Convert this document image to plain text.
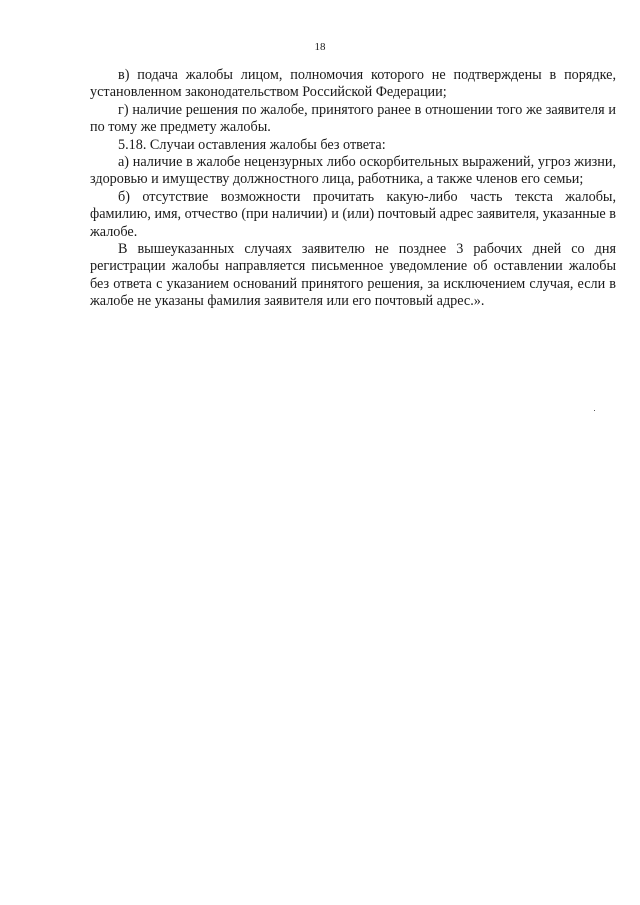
18

в) подача жалобы лицом, полномочия которого не подтверждены в порядке, установленном законодательством Российской Федерации;

г) наличие решения по жалобе, принятого ранее в отношении того же заявителя и по тому же предмету жалобы.

5.18. Случаи оставления жалобы без ответа:

а) наличие в жалобе нецензурных либо оскорбительных выражений, угроз жизни, здоровью и имуществу должностного лица, работника, а также членов его семьи;

б) отсутствие возможности прочитать какую-либо часть текста жалобы, фамилию, имя, отчество (при наличии) и (или) почтовый адрес заявителя, указанные в жалобе.

В вышеуказанных случаях заявителю не позднее 3 рабочих дней со дня регистрации жалобы направляется письменное уведомление об оставлении жалобы без ответа с указанием оснований принятого решения, за исключением случая, если в жалобе не указаны фамилия заявителя или его почтовый адрес.».
